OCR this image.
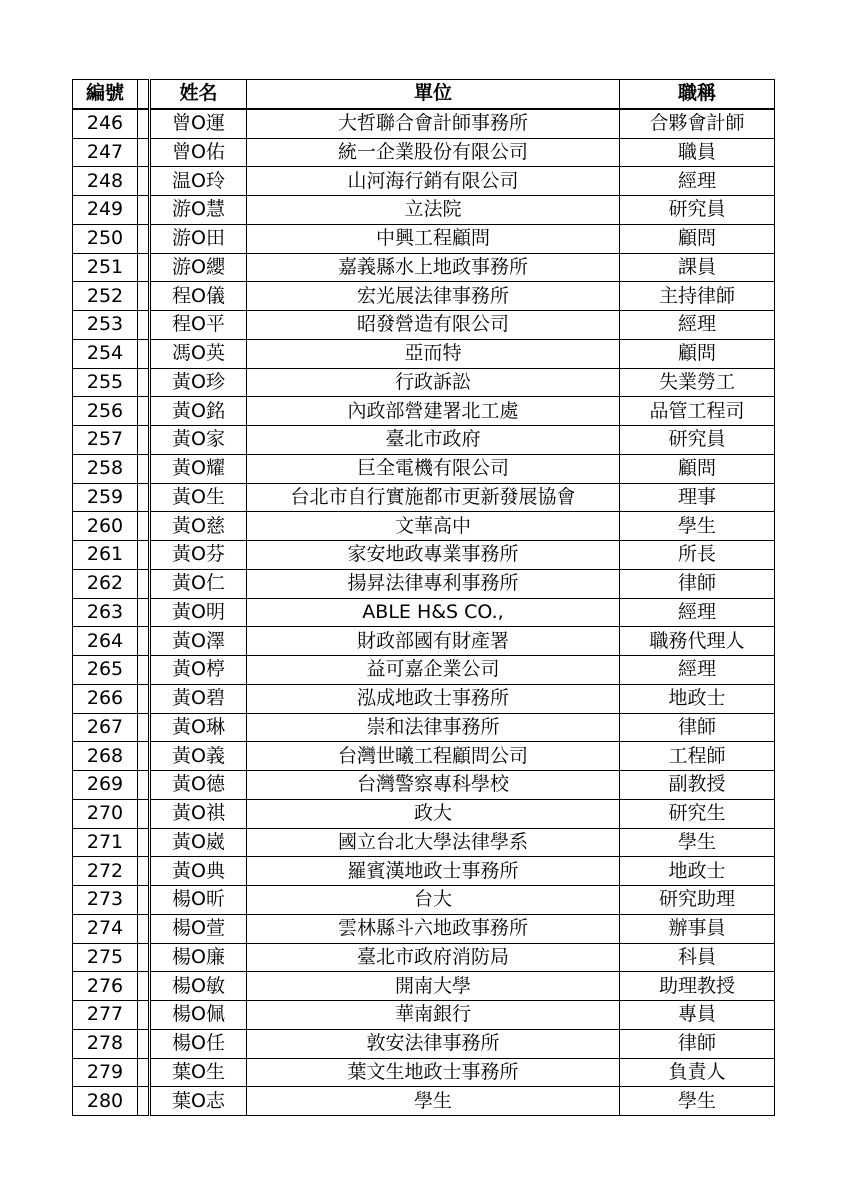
編號		姓名	單位	職稱
246		曾O運	大哲聯合會計師事務所	合夥會計師
247		曾O佑	統一企業股份有限公司	職員
248		温O玲	山河海行銷有限公司	經理
249		游O慧	立法院	研究員
250		游O田	中興工程顧問	顧問
251		游O纓	嘉義縣水上地政事務所	課員
252		程O儀	宏光展法律事務所	主持律師
253		程O平	昭發營造有限公司	經理
254		馮O英	亞而特	顧問
255		黃O珍	行政訴訟	失業勞工
256		黃O銘	內政部營建署北工處	品管工程司
257		黃O家	臺北市政府	研究員
258		黃O耀	巨全電機有限公司	顧問
259		黃O生	台北市自行實施都市更新發展協會	理事
260		黃O慈	文華高中	學生
261		黃O芬	家安地政專業事務所	所長
262		黃O仁	揚昇法律專利事務所	律師
263		黃O明	ABLE H&S CO.,	經理
264		黃O澤	財政部國有財產署	職務代理人
265		黃O楟	益可嘉企業公司	經理
266		黃O碧	泓成地政士事務所	地政士
267		黃O琳	崇和法律事務所	律師
268		黃O義	台灣世曦工程顧問公司	工程師
269		黃O德	台灣警察專科學校	副教授
270		黃O祺	政大	研究生
271		黃O崴	國立台北大學法律學系	學生
272		黃O典	羅賓漢地政士事務所	地政士
273		楊O昕	台大	研究助理
274		楊O萱	雲林縣斗六地政事務所	辦事員
275		楊O廉	臺北市政府消防局	科員
276		楊O敏	開南大學	助理教授
277		楊O佩	華南銀行	專員
278		楊O任	敦安法律事務所	律師
279		葉O生	葉文生地政士事務所	負責人
280		葉O志	學生	學生
